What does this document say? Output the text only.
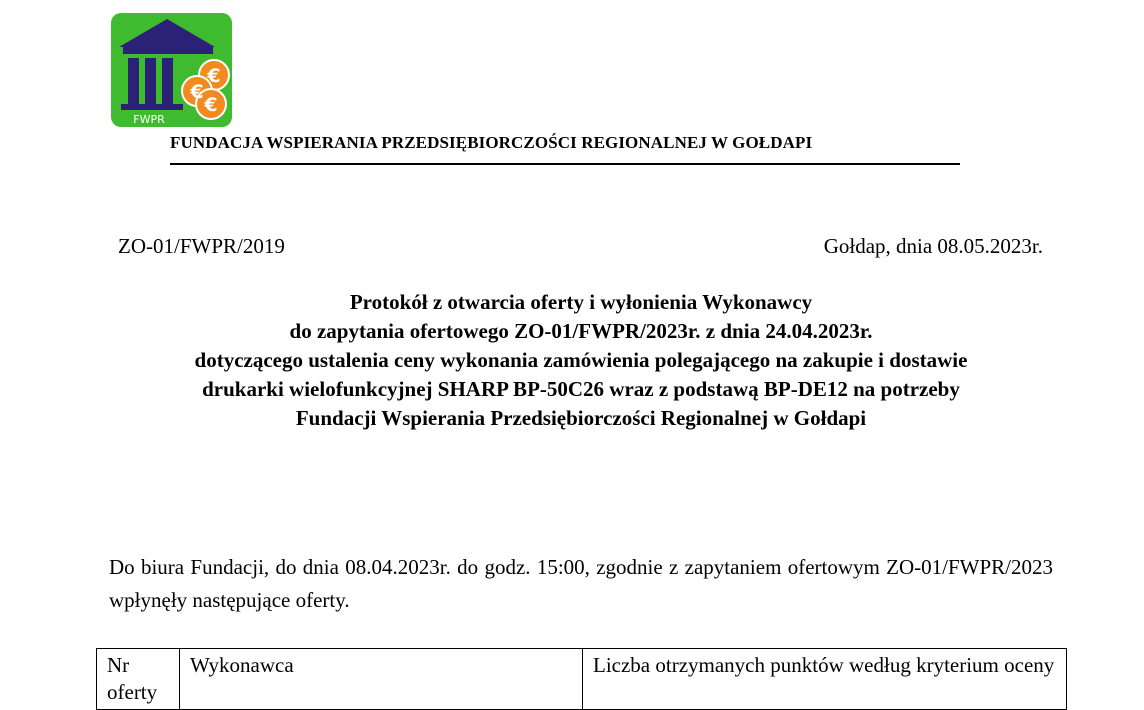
€
€
€
FWPR
FUNDACJA WSPIERANIA PRZEDSIĘBIORCZOŚCI REGIONALNEJ W GOŁDAPI
ZO-01/FWPR/2019	Gołdap, dnia 08.05.2023r.
Protokół z otwarcia oferty i wyłonienia Wykonawcy
do zapytania ofertowego ZO-01/FWPR/2023r. z dnia 24.04.2023r.
dotyczącego ustalenia ceny wykonania zamówienia polegającego na zakupie i dostawie
drukarki wielofunkcyjnej SHARP BP-50C26 wraz z podstawą BP-DE12 na potrzeby
Fundacji Wspierania Przedsiębiorczości Regionalnej w Gołdapi

Do biura Fundacji, do dnia 08.04.2023r. do godz. 15:00, zgodnie z zapytaniem ofertowym ZO-01/FWPR/2023 wpłynęły następujące oferty.

Nr oferty	Wykonawca	Liczba otrzymanych punktów według kryterium oceny
